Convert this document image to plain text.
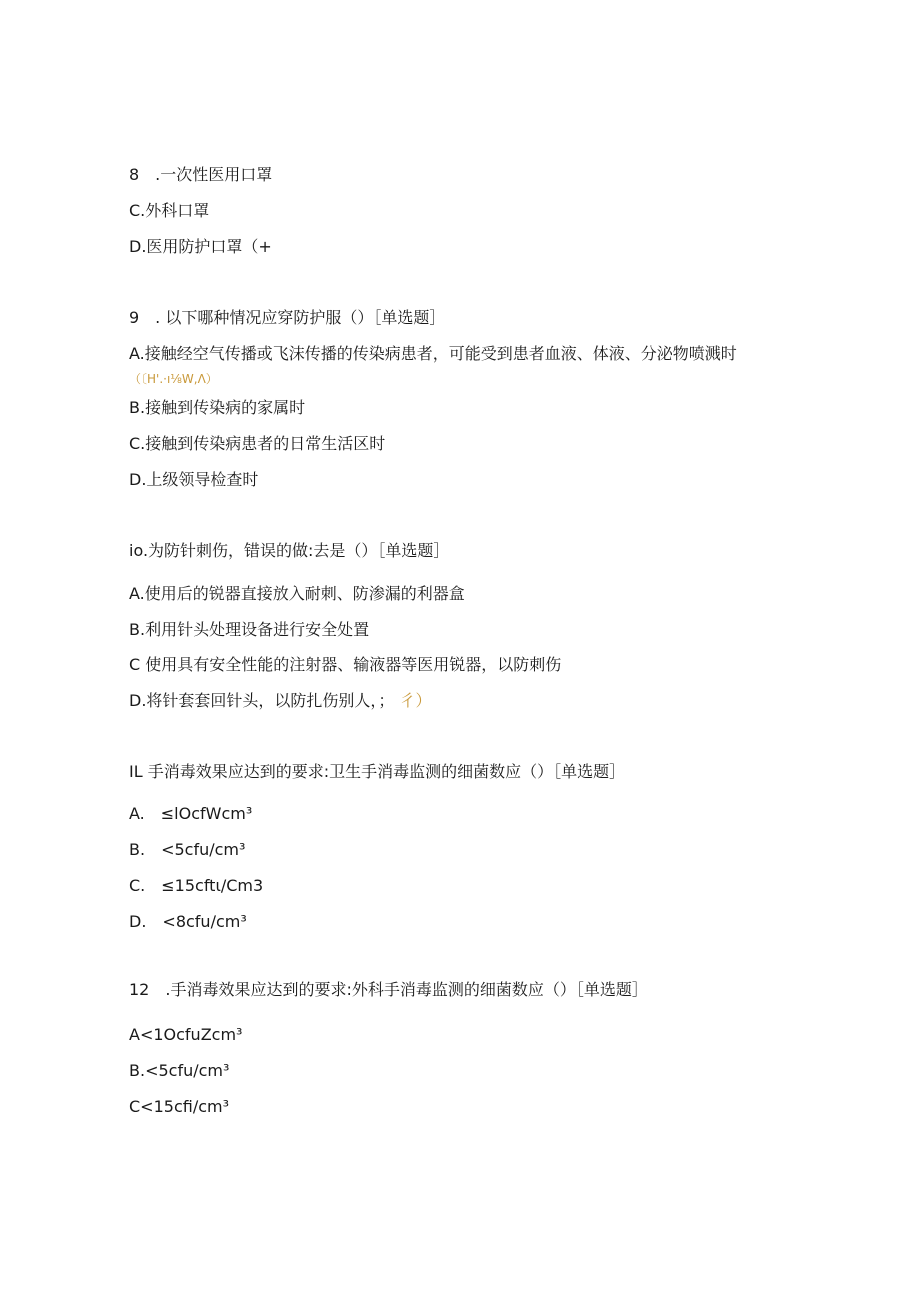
8　.一次性医用口罩
C.外科口罩
D.医用防护口罩（+
9　. 以下哪种情况应穿防护服（）［单选题］
A.接触经空气传播或飞沫传播的传染病患者，可能受到患者血液、体液、分泌物喷溅时
（〔H'.·ı⅛W,Λ）
B.接触到传染病的家属时
C.接触到传染病患者的日常生活区时
D.上级领导检查时
io.为防针刺伤，错误的做:去是（）［单选题］
A.使用后的锐器直接放入耐刺、防渗漏的利器盒
B.利用针头处理设备进行安全处置
C 使用具有安全性能的注射器、输液器等医用锐器，以防刺伤
D.将针套套回针头，以防扎伤别人，； 彳）
IL 手消毒效果应达到的要求:卫生手消毒监测的细菌数应（）［单选题］
A.　≤lOcfWcm³
B.　<5cfu∕cm³
C.　≤15cftι/Cm3
D.　<8cfu∕cm³
12　.手消毒效果应达到的要求:外科手消毒监测的细菌数应（）［单选题］
A<1OcfuZcm³
B.<5cfu∕cm³
C<15cfi∕cm³
